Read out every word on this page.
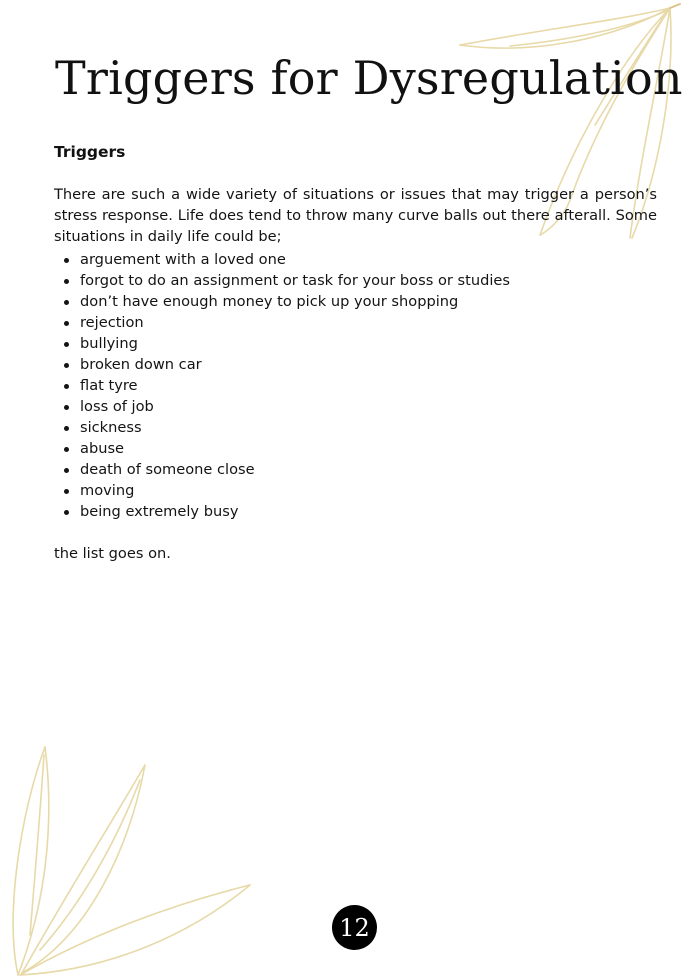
Triggers for Dysregulation
Triggers

There are such a wide variety of situations or issues that may trigger a person’s stress response. Life does tend to throw many curve balls out there afterall. Some situations in daily life could be;

arguement with a loved one
forgot to do an assignment or task for your boss or studies
don’t have enough money to pick up your shopping
rejection
bullying
broken down car
flat tyre
loss of job
sickness
abuse
death of someone close
moving
being extremely busy

the list goes on.

12
